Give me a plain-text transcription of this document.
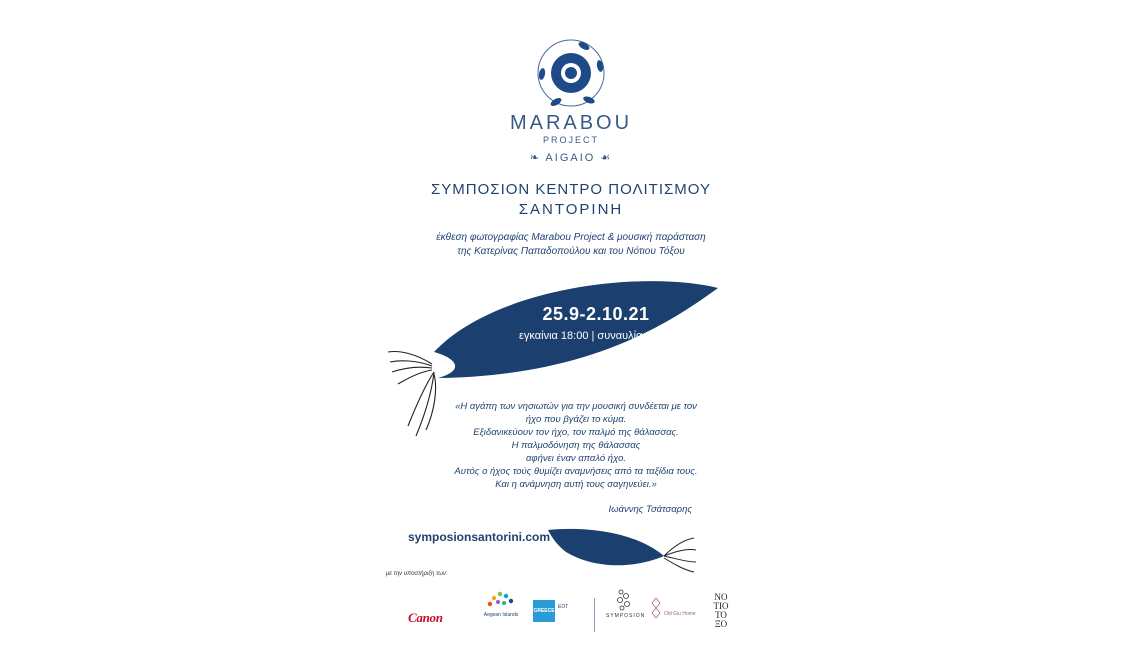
MARABOU
PROJECT
❧ AIGAIO ☙
ΣΥΜΠΟΣΙΟΝ ΚΕΝΤΡΟ ΠΟΛΙΤΙΣΜΟΥ
ΣΑΝΤΟΡΙΝΗ
έκθεση φωτογραφίας Marabou Project & μουσική παράσταση
της Κατερίνας Παπαδοπούλου και του Νότιου Τόξου
25.9-2.10.21
εγκαίνια 18:00 | συναυλία 20:00
«Η αγάπη των νησιωτών για την μουσική συνδέεται με τον
ήχο που βγάζει το κύμα.
Εξιδανικεύουν τον ήχο, τον παλμό της θάλασσας.
Η παλμοδόνηση της θάλασσας
αφήνει έναν απαλό ήχο.
Αυτός ο ήχος τούς θυμίζει αναμνήσεις από τα ταξίδια τους.
Και η ανάμνηση αυτή τους σαγηνεύει.»
Ιωάννης Τσάτσαρης
symposionsantorini.com
με την υποστήριξη των:
Canon	Aegean Islands
GREECE
EOT
SYMPOSION	Old Giu Home
ΝΟ
ΤΙΟ
ΤΟ
ΞΟ
